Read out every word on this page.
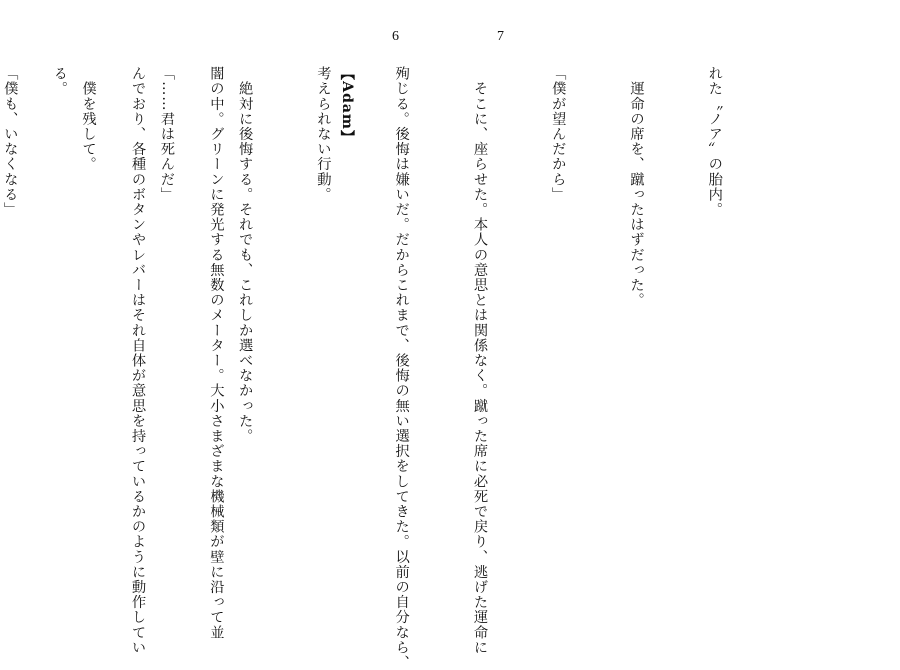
6

【Adam】

闇の中。グリーンに発光する無数のメーター。大小さまざまな機械類が壁に沿って並

んでおり、各種のボタンやレバーはそれ自体が意思を持っているかのように動作してい

る。

7

れた〝ノア〟の胎内。

　運命の席を、蹴ったはずだった。

「僕が望んだから」

　そこに、座らせた。本人の意思とは関係なく。蹴った席に必死で戻り、逃げた運命に

殉じる。後悔は嫌いだ。だからこれまで、後悔の無い選択をしてきた。以前の自分なら、

考えられない行動。

　絶対に後悔する。それでも、これしか選べなかった。

「……君は死んだ」

　僕を残して。

「僕も、いなくなる」
